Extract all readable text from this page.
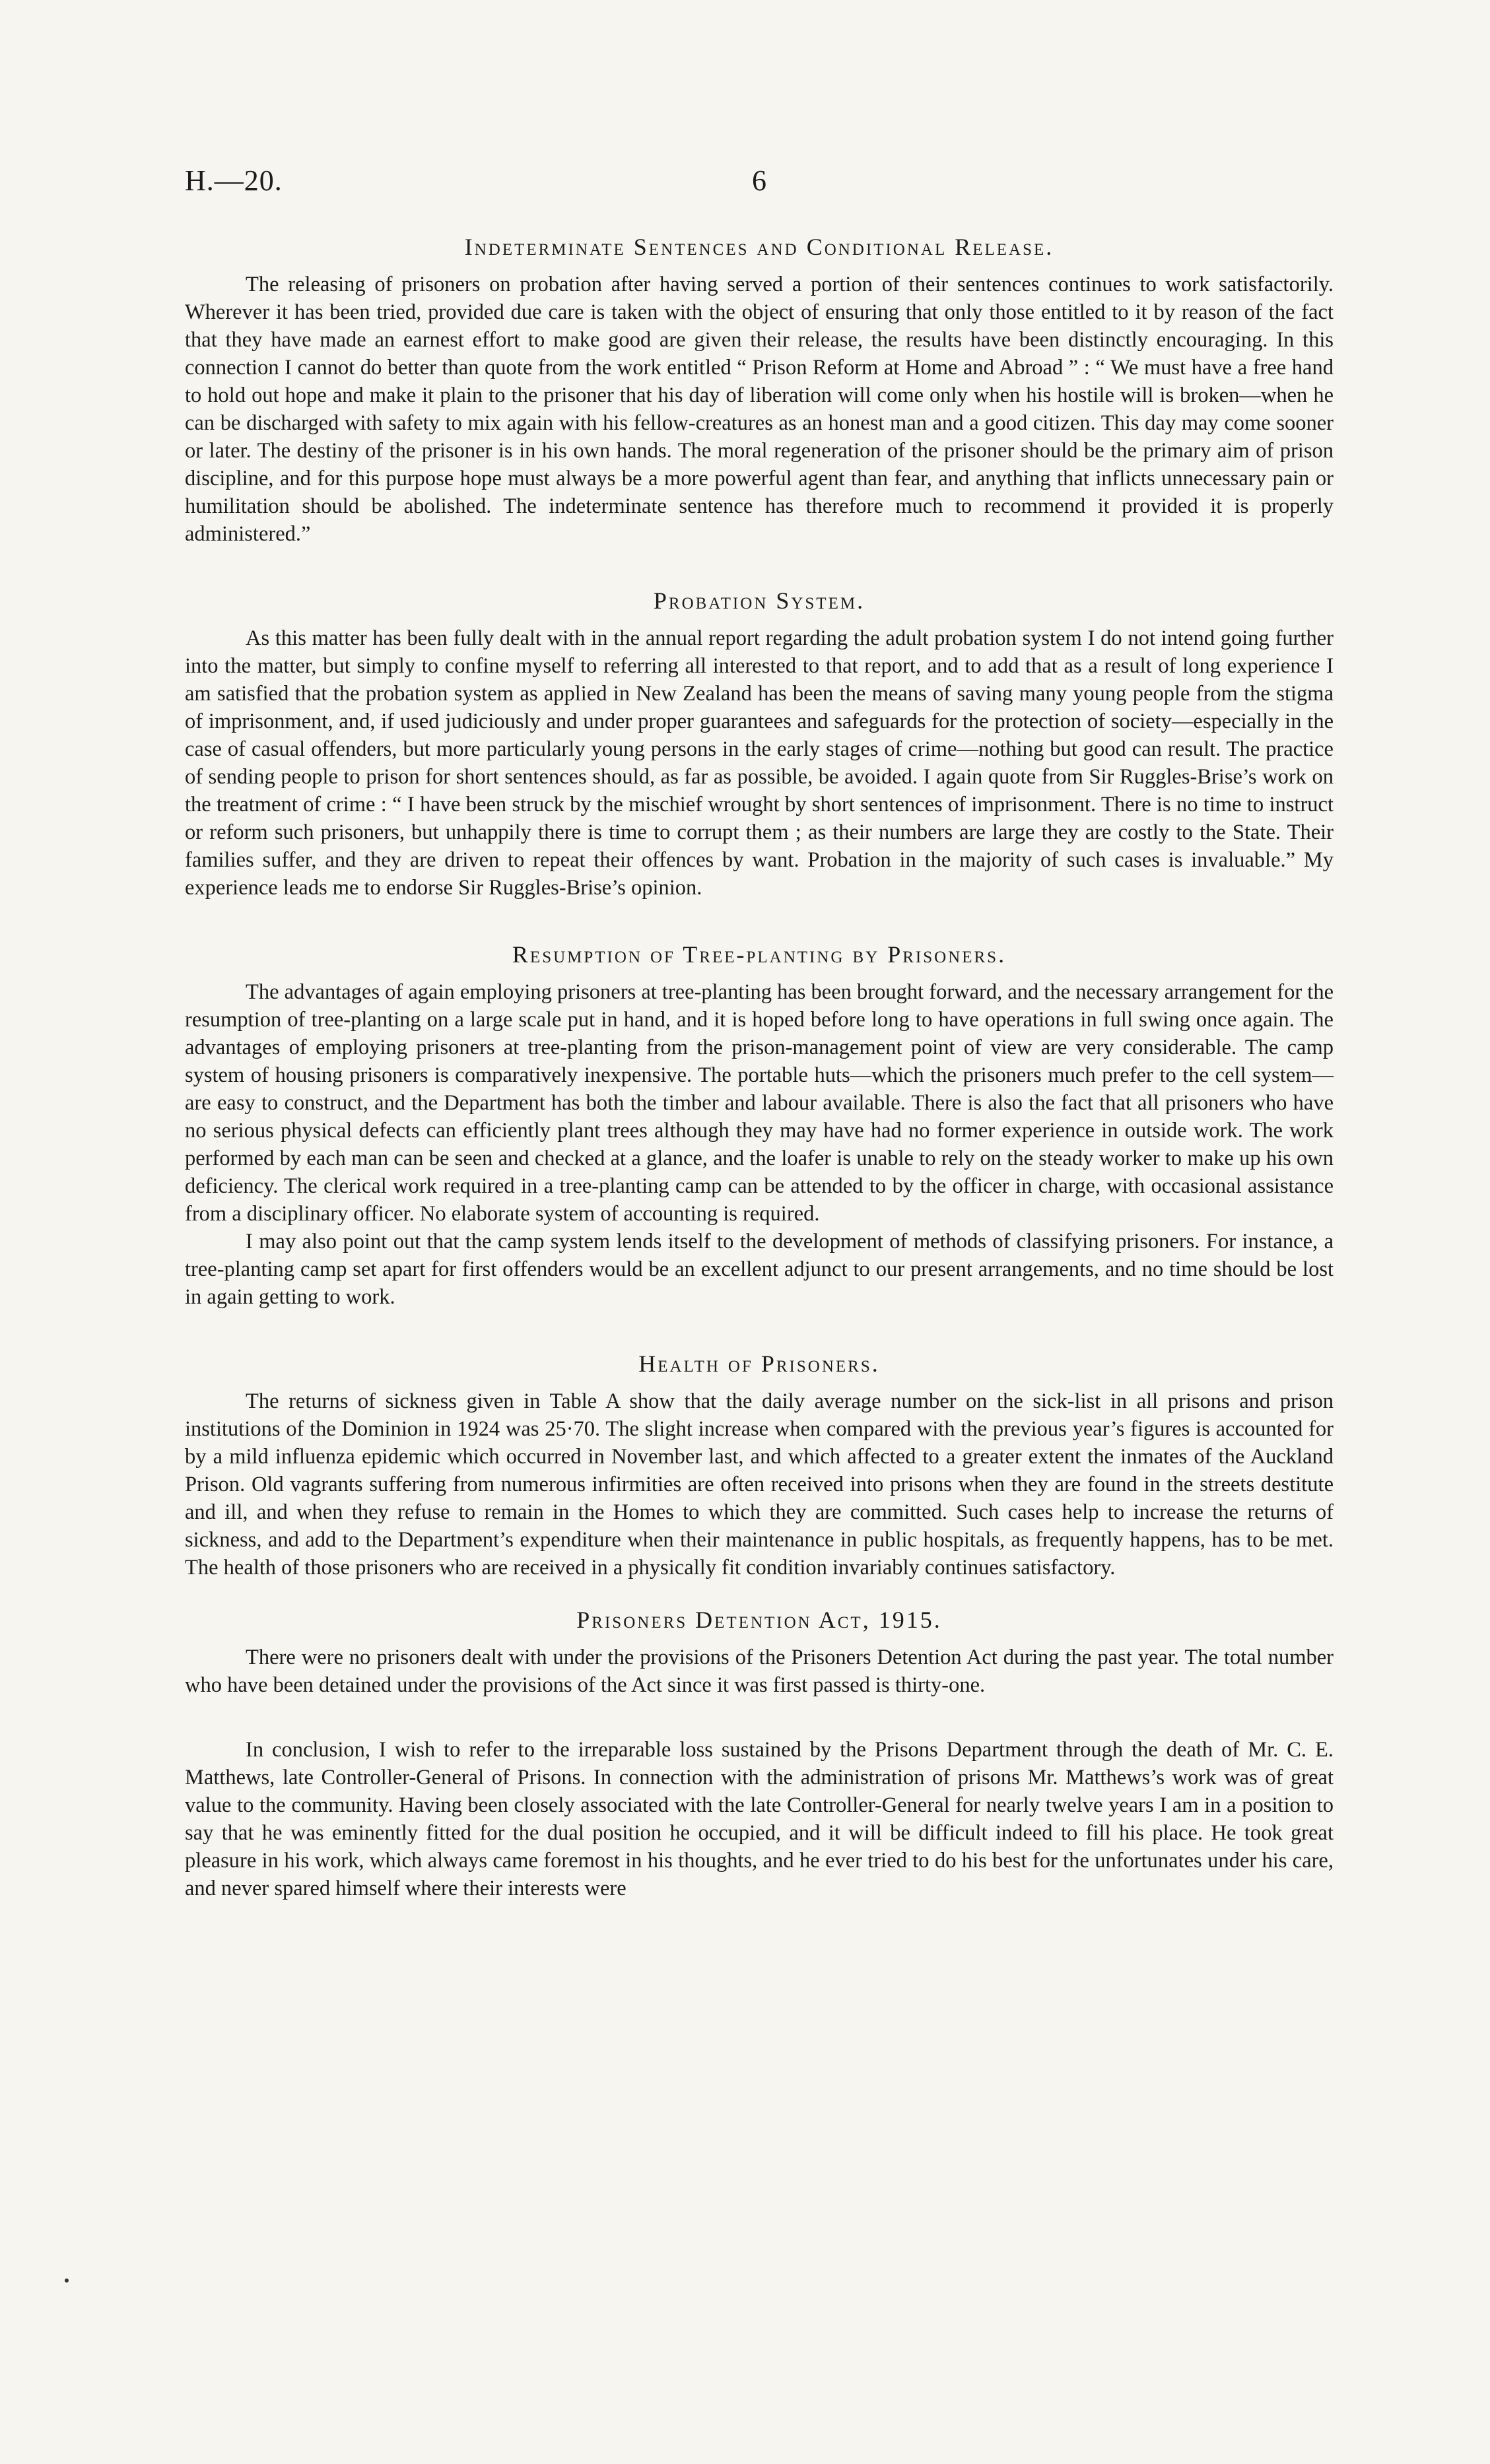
H.—20.	6
Indeterminate Sentences and Conditional Release.

The releasing of prisoners on probation after having served a portion of their sentences continues to work satisfactorily. Wherever it has been tried, provided due care is taken with the object of ensuring that only those entitled to it by reason of the fact that they have made an earnest effort to make good are given their release, the results have been distinctly encouraging. In this connection I cannot do better than quote from the work entitled “ Prison Reform at Home and Abroad ” : “ We must have a free hand to hold out hope and make it plain to the prisoner that his day of liberation will come only when his hostile will is broken—when he can be discharged with safety to mix again with his fellow-creatures as an honest man and a good citizen. This day may come sooner or later. The destiny of the prisoner is in his own hands. The moral regeneration of the prisoner should be the primary aim of prison discipline, and for this purpose hope must always be a more powerful agent than fear, and anything that inflicts unnecessary pain or humilitation should be abolished. The indeterminate sentence has therefore much to recommend it provided it is properly administered.”

Probation System.

As this matter has been fully dealt with in the annual report regarding the adult probation system I do not intend going further into the matter, but simply to confine myself to referring all interested to that report, and to add that as a result of long experience I am satisfied that the probation system as applied in New Zealand has been the means of saving many young people from the stigma of imprisonment, and, if used judiciously and under proper guarantees and safeguards for the protection of society—especially in the case of casual offenders, but more particularly young persons in the early stages of crime—nothing but good can result. The practice of sending people to prison for short sentences should, as far as possible, be avoided. I again quote from Sir Ruggles-Brise’s work on the treatment of crime : “ I have been struck by the mischief wrought by short sentences of imprisonment. There is no time to instruct or reform such prisoners, but unhappily there is time to corrupt them ; as their numbers are large they are costly to the State. Their families suffer, and they are driven to repeat their offences by want. Probation in the majority of such cases is invaluable.” My experience leads me to endorse Sir Ruggles-Brise’s opinion.

Resumption of Tree-planting by Prisoners.

The advantages of again employing prisoners at tree-planting has been brought forward, and the necessary arrangement for the resumption of tree-planting on a large scale put in hand, and it is hoped before long to have operations in full swing once again. The advantages of employing prisoners at tree-planting from the prison-management point of view are very considerable. The camp system of housing prisoners is comparatively inexpensive. The portable huts—which the prisoners much prefer to the cell system—are easy to construct, and the Department has both the timber and labour available. There is also the fact that all prisoners who have no serious physical defects can efficiently plant trees although they may have had no former experience in outside work. The work performed by each man can be seen and checked at a glance, and the loafer is unable to rely on the steady worker to make up his own deficiency. The clerical work required in a tree-planting camp can be attended to by the officer in charge, with occasional assistance from a disciplinary officer. No elaborate system of accounting is required.

I may also point out that the camp system lends itself to the development of methods of classifying prisoners. For instance, a tree-planting camp set apart for first offenders would be an excellent adjunct to our present arrangements, and no time should be lost in again getting to work.

Health of Prisoners.

The returns of sickness given in Table A show that the daily average number on the sick-list in all prisons and prison institutions of the Dominion in 1924 was 25·70. The slight increase when compared with the previous year’s figures is accounted for by a mild influenza epidemic which occurred in November last, and which affected to a greater extent the inmates of the Auckland Prison. Old vagrants suffering from numerous infirmities are often received into prisons when they are found in the streets destitute and ill, and when they refuse to remain in the Homes to which they are committed. Such cases help to increase the returns of sickness, and add to the Department’s expenditure when their maintenance in public hospitals, as frequently happens, has to be met. The health of those prisoners who are received in a physically fit condition invariably continues satisfactory.

Prisoners Detention Act, 1915.

There were no prisoners dealt with under the provisions of the Prisoners Detention Act during the past year. The total number who have been detained under the provisions of the Act since it was first passed is thirty-one.

In conclusion, I wish to refer to the irreparable loss sustained by the Prisons Department through the death of Mr. C. E. Matthews, late Controller-General of Prisons. In connection with the administration of prisons Mr. Matthews’s work was of great value to the community. Having been closely associated with the late Controller-General for nearly twelve years I am in a position to say that he was eminently fitted for the dual position he occupied, and it will be difficult indeed to fill his place. He took great pleasure in his work, which always came foremost in his thoughts, and he ever tried to do his best for the unfortunates under his care, and never spared himself where their interests were
